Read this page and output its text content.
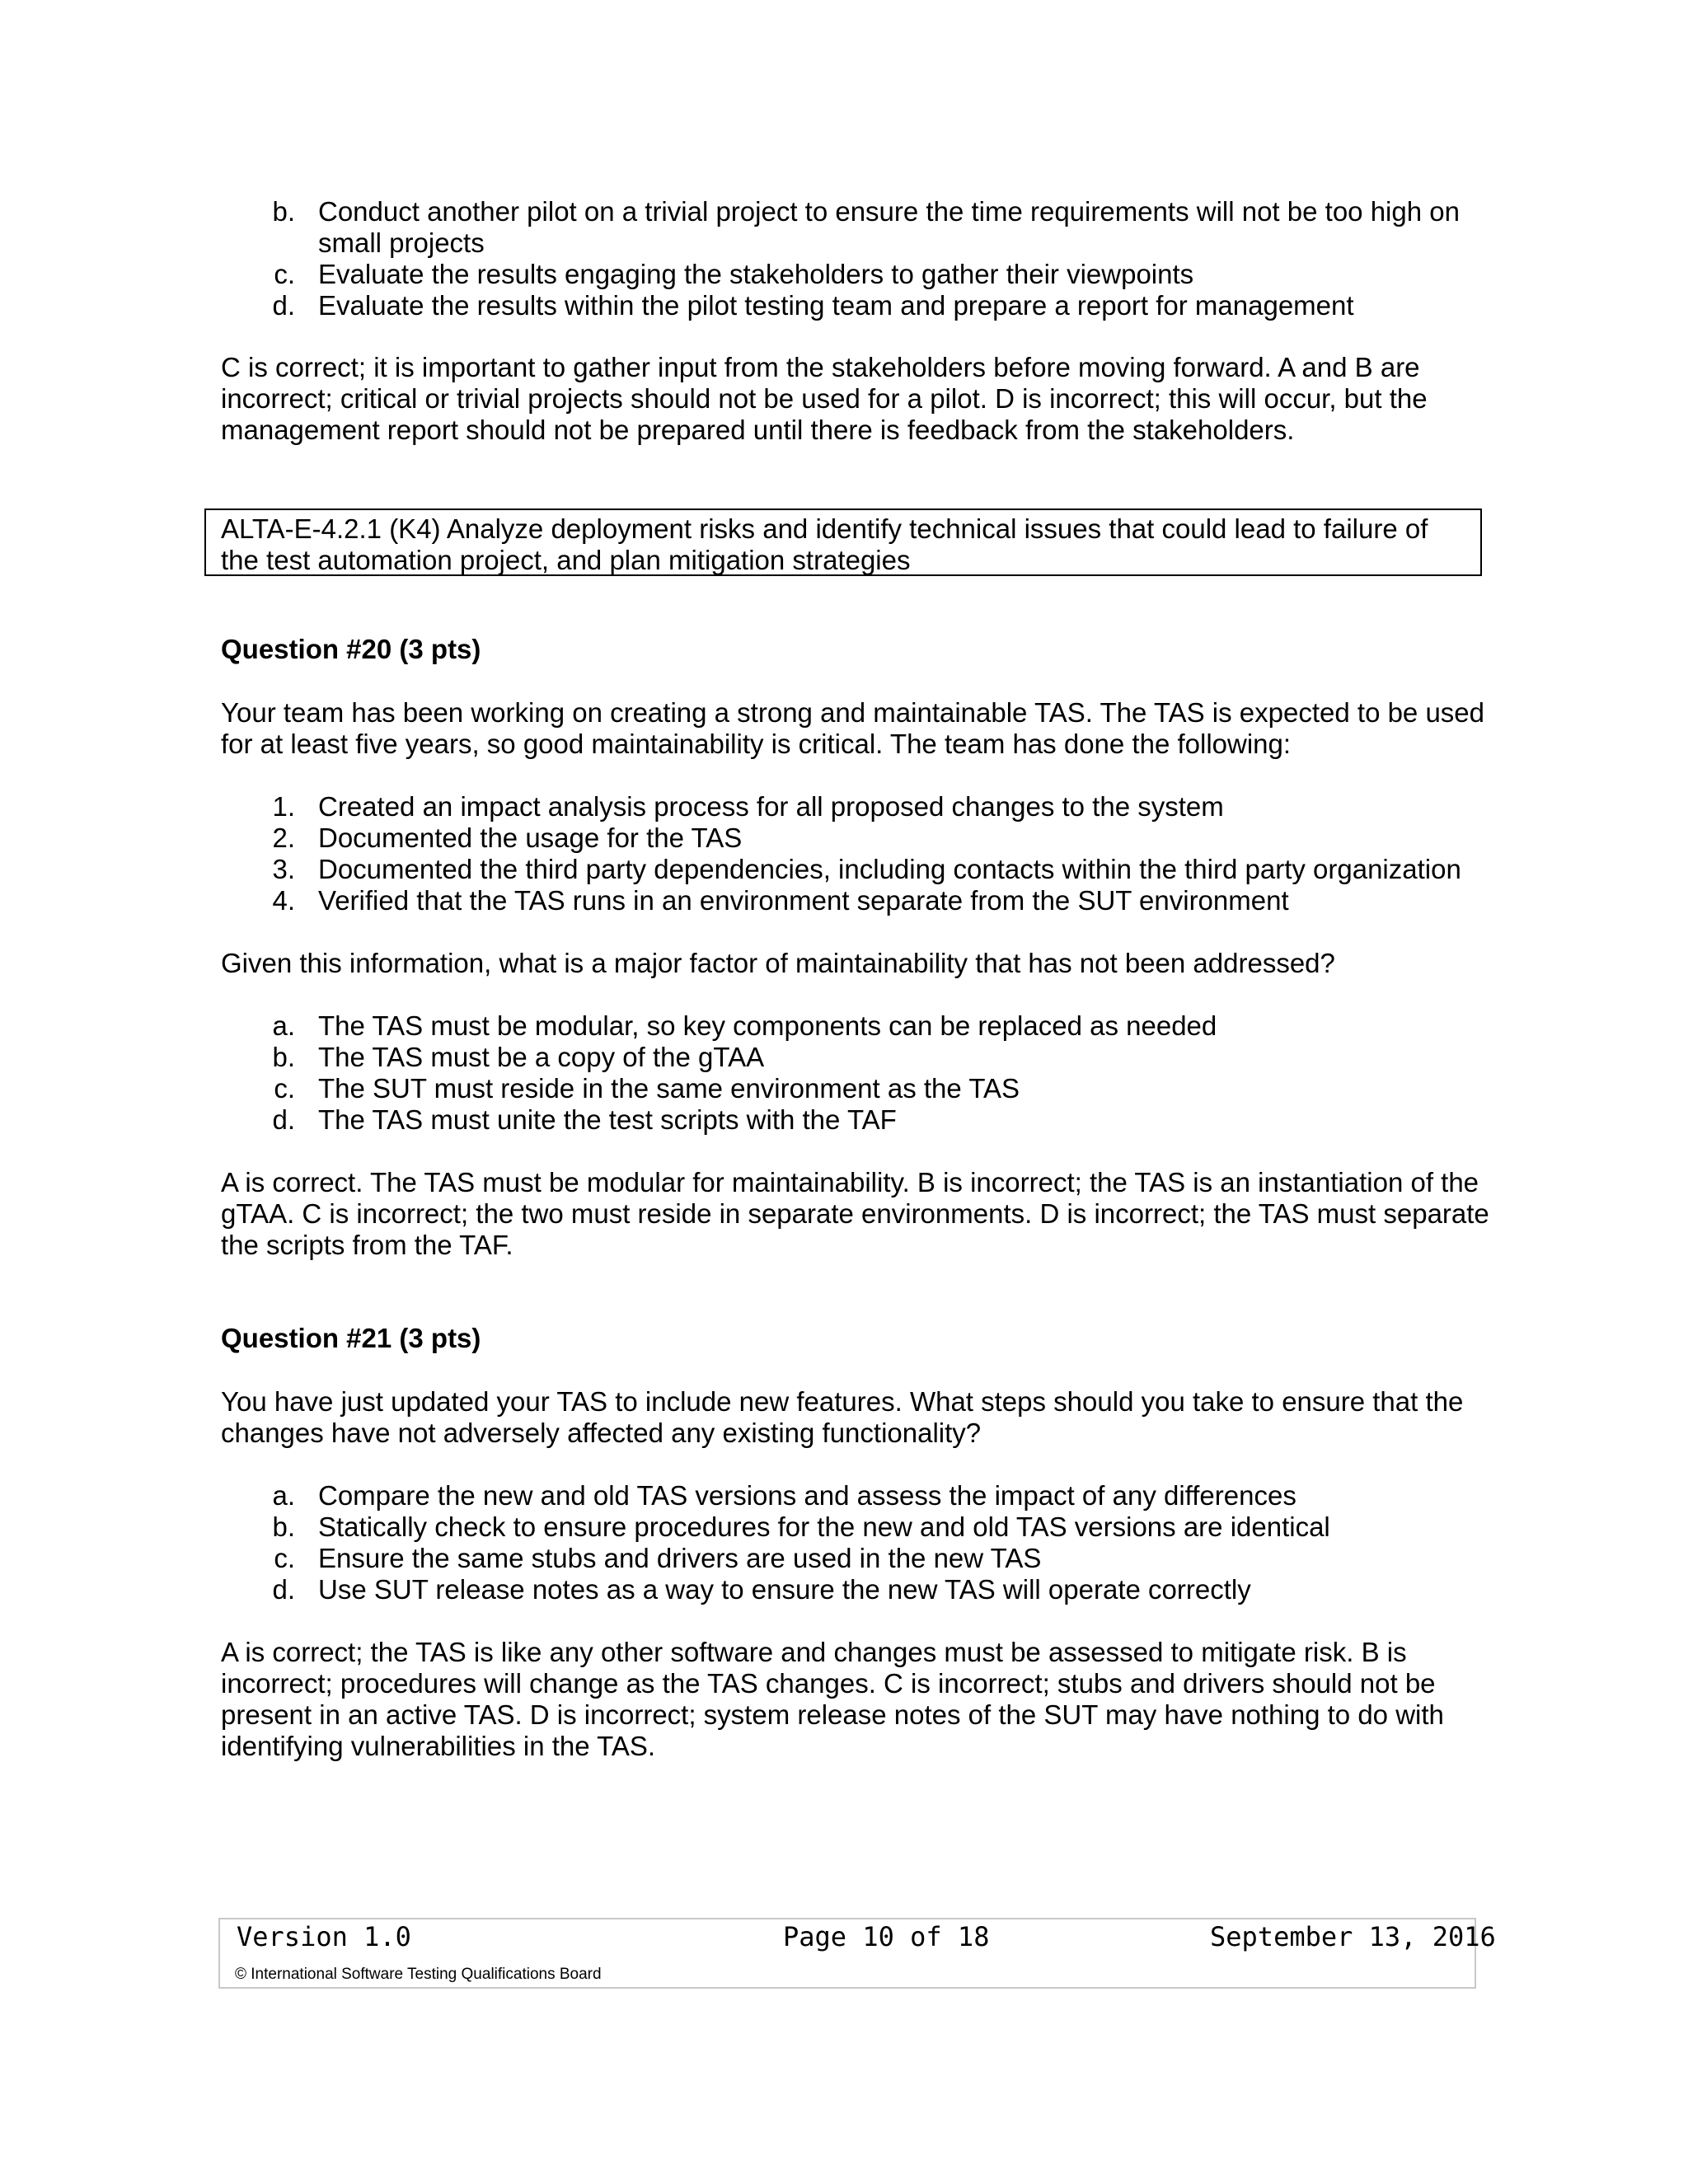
b. Conduct another pilot on a trivial project to ensure the time requirements will not be too high on small projects
c. Evaluate the results engaging the stakeholders to gather their viewpoints
d. Evaluate the results within the pilot testing team and prepare a report for management

C is correct; it is important to gather input from the stakeholders before moving forward. A and B are incorrect; critical or trivial projects should not be used for a pilot. D is incorrect; this will occur, but the management report should not be prepared until there is feedback from the stakeholders.

ALTA-E-4.2.1 (K4) Analyze deployment risks and identify technical issues that could lead to failure of the test automation project, and plan mitigation strategies

Question #20 (3 pts)

Your team has been working on creating a strong and maintainable TAS. The TAS is expected to be used for at least five years, so good maintainability is critical. The team has done the following:

1. Created an impact analysis process for all proposed changes to the system
2. Documented the usage for the TAS
3. Documented the third party dependencies, including contacts within the third party organization
4. Verified that the TAS runs in an environment separate from the SUT environment

Given this information, what is a major factor of maintainability that has not been addressed?

a. The TAS must be modular, so key components can be replaced as needed
b. The TAS must be a copy of the gTAA
c. The SUT must reside in the same environment as the TAS
d. The TAS must unite the test scripts with the TAF

A is correct. The TAS must be modular for maintainability. B is incorrect; the TAS is an instantiation of the gTAA. C is incorrect; the two must reside in separate environments. D is incorrect; the TAS must separate the scripts from the TAF.

Question #21 (3 pts)

You have just updated your TAS to include new features. What steps should you take to ensure that the changes have not adversely affected any existing functionality?

a. Compare the new and old TAS versions and assess the impact of any differences
b. Statically check to ensure procedures for the new and old TAS versions are identical
c. Ensure the same stubs and drivers are used in the new TAS
d. Use SUT release notes as a way to ensure the new TAS will operate correctly

A is correct; the TAS is like any other software and changes must be assessed to mitigate risk. B is incorrect; procedures will change as the TAS changes. C is incorrect; stubs and drivers should not be present in an active TAS. D is incorrect; system release notes of the SUT may have nothing to do with identifying vulnerabilities in the TAS.

Version 1.0	Page 10 of 18	September 13, 2016
© International Software Testing Qualifications Board
